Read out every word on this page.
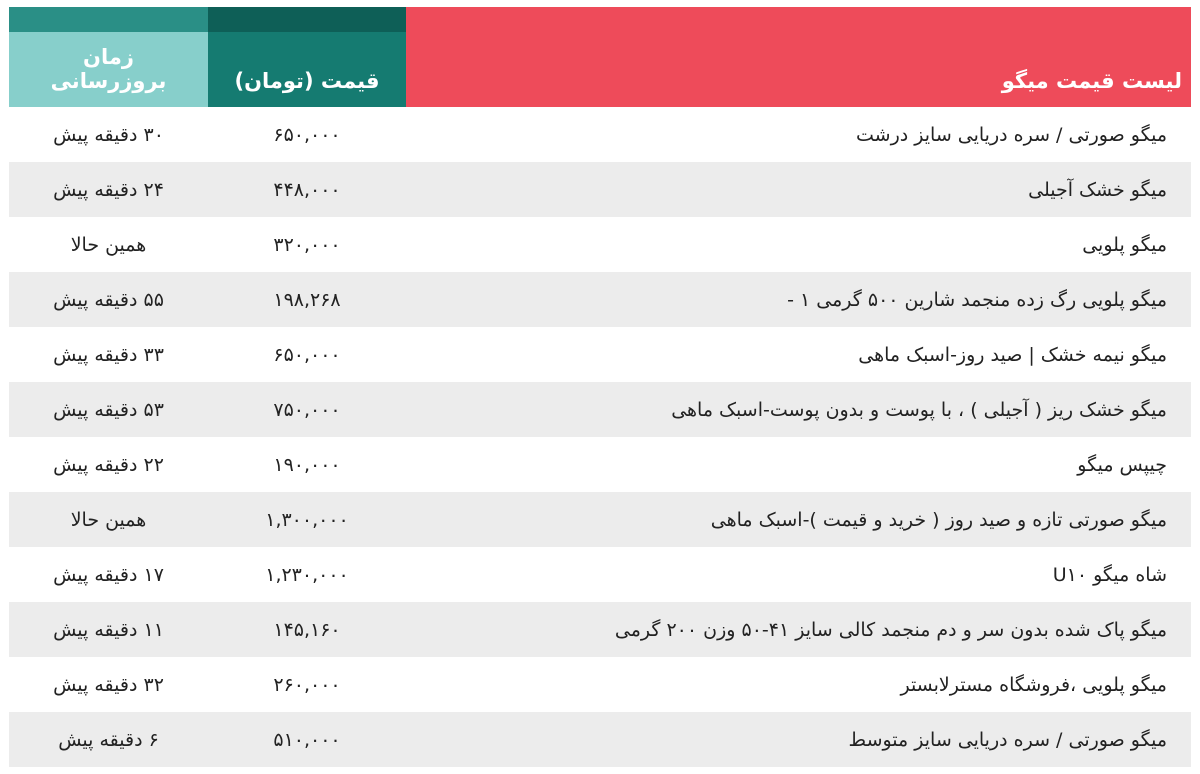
لیست قیمت میگو	قیمت (تومان)	زمان بروزرسانی
میگو صورتی / سره دریایی سایز درشت	۶۵۰,۰۰۰	۳۰ دقیقه پیش
میگو خشک آجیلی	۴۴۸,۰۰۰	۲۴ دقیقه پیش
میگو پلویی	۳۲۰,۰۰۰	همین حالا
میگو پلویی رگ زده منجمد شارین ۵۰۰ گرمی ۱ -	۱۹۸,۲۶۸	۵۵ دقیقه پیش
میگو نیمه خشک | صید روز-اسبک ماهی	۶۵۰,۰۰۰	۳۳ دقیقه پیش
میگو خشک ریز ( آجیلی ) ، با پوست و بدون پوست-اسبک ماهی	۷۵۰,۰۰۰	۵۳ دقیقه پیش
چیپس میگو	۱۹۰,۰۰۰	۲۲ دقیقه پیش
میگو صورتی تازه و صید روز ( خرید و قیمت )-اسبک ماهی	۱,۳۰۰,۰۰۰	همین حالا
شاه میگو U۱۰	۱,۲۳۰,۰۰۰	۱۷ دقیقه پیش
میگو پاک شده بدون سر و دم منجمد کالی سایز ۴۱-۵۰ وزن ۲۰۰ گرمی	۱۴۵,۱۶۰	۱۱ دقیقه پیش
میگو پلویی ،فروشگاه مسترلابستر	۲۶۰,۰۰۰	۳۲ دقیقه پیش
میگو صورتی / سره دریایی سایز متوسط	۵۱۰,۰۰۰	۶ دقیقه پیش
